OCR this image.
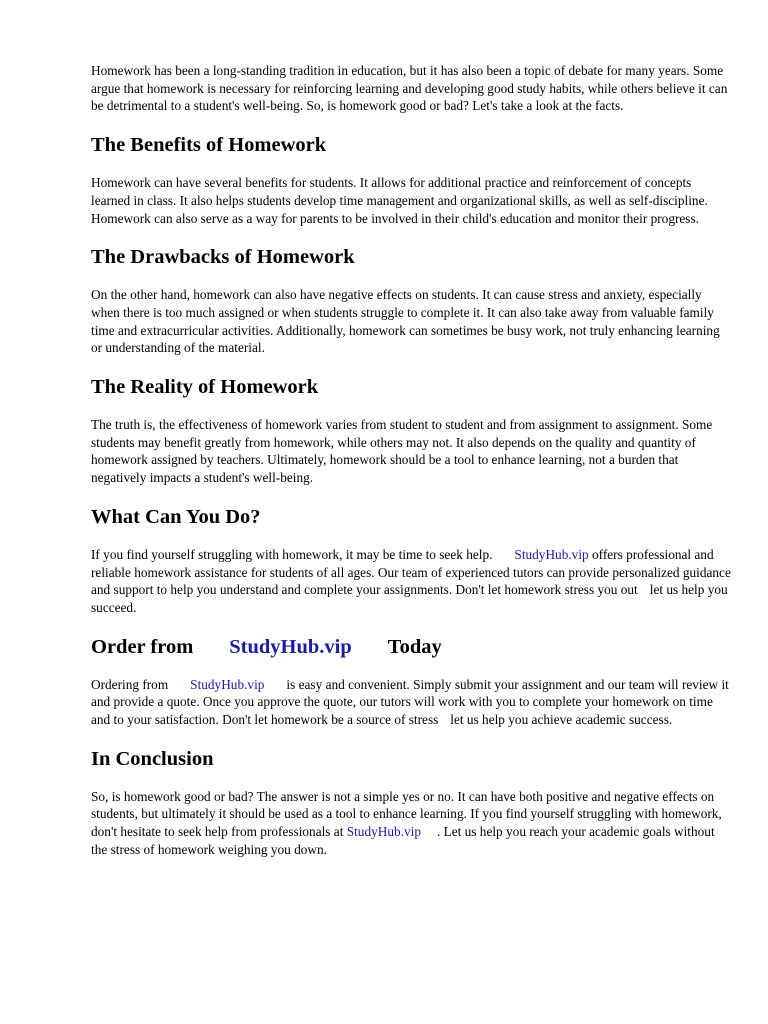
Homework has been a long-standing tradition in education, but it has also been a topic of debate for many years. Some argue that homework is necessary for reinforcing learning and developing good study habits, while others believe it can be detrimental to a student's well-being. So, is homework good or bad? Let's take a look at the facts.

The Benefits of Homework

Homework can have several benefits for students. It allows for additional practice and reinforcement of concepts learned in class. It also helps students develop time management and organizational skills, as well as self-discipline. Homework can also serve as a way for parents to be involved in their child's education and monitor their progress.

The Drawbacks of Homework

On the other hand, homework can also have negative effects on students. It can cause stress and anxiety, especially when there is too much assigned or when students struggle to complete it. It can also take away from valuable family time and extracurricular activities. Additionally, homework can sometimes be busy work, not truly enhancing learning or understanding of the material.

The Reality of Homework

The truth is, the effectiveness of homework varies from student to student and from assignment to assignment. Some students may benefit greatly from homework, while others may not. It also depends on the quality and quantity of homework assigned by teachers. Ultimately, homework should be a tool to enhance learning, not a burden that negatively impacts a student's well-being.

What Can You Do?

If you find yourself struggling with homework, it may be time to seek help. StudyHub.vip offers professional and reliable homework assistance for students of all ages. Our team of experienced tutors can provide personalized guidance and support to help you understand and complete your assignments. Don't let homework stress you out let us help you succeed.

Order from StudyHub.vip Today

Ordering from StudyHub.vip is easy and convenient. Simply submit your assignment and our team will review it and provide a quote. Once you approve the quote, our tutors will work with you to complete your homework on time and to your satisfaction. Don't let homework be a source of stress let us help you achieve academic success.

In Conclusion

So, is homework good or bad? The answer is not a simple yes or no. It can have both positive and negative effects on students, but ultimately it should be used as a tool to enhance learning. If you find yourself struggling with homework, don't hesitate to seek help from professionals at StudyHub.vip . Let us help you reach your academic goals without the stress of homework weighing you down.
